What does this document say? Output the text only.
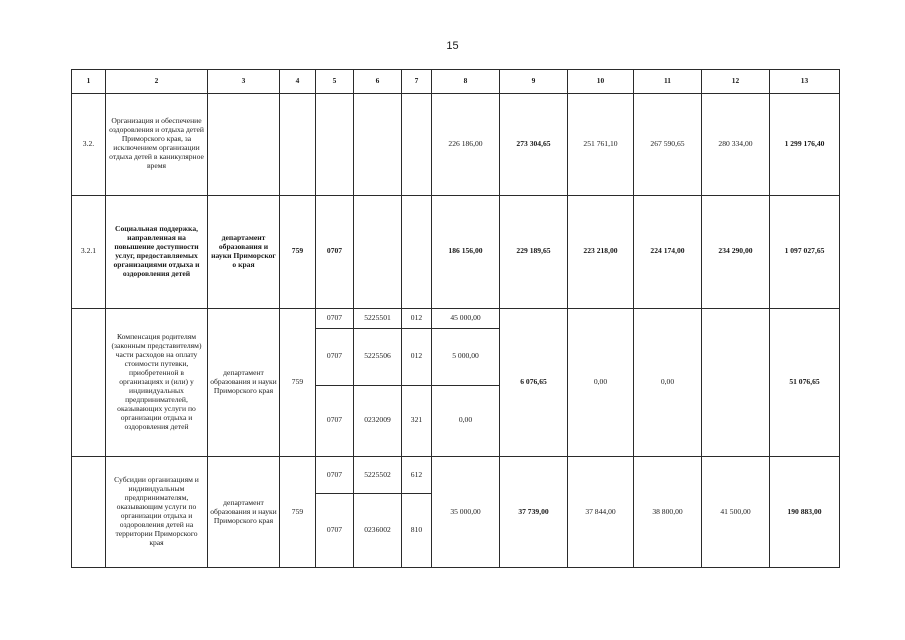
15
1	2	3	4	5	6	7	8	9	10	11	12	13
3.2.	Организация и обеспечение оздоровления и отдыха детей Приморского края, за исключением организации отдыха детей в каникулярное время						226 186,00	273 304,65	251 761,10	267 590,65	280 334,00	1 299 176,40
3.2.1	Социальная поддержка, направленная на повышение доступности услуг, предоставляемых организациями отдыха и оздоровления детей	департамент образования и науки Приморског о края	759	0707			186 156,00	229 189,65	223 218,00	224 174,00	234 290,00	1 097 027,65
	Компенсация родителям (законным представителям) части расходов на оплату стоимости путевки, приобретенной в организациях и (или) у индивидуальных предпринимателей, оказывающих услуги по организации отдыха и оздоровления детей	департамент образования и науки Приморского края	759	0707	5225501	012	45 000,00	6 076,65	0,00	0,00		51 076,65
				0707	5225506	012	5 000,00					
				0707	0232009	321	0,00					
	Субсидии организациям и индивидуальным предпринимателям, оказывающим услуги по организации отдыха и оздоровления детей на территории Приморского края	департамент образования и науки Приморского края	759	0707	5225502	612	35 000,00	37 739,00	37 844,00	38 800,00	41 500,00	190 883,00
				0707	0236002	810						
